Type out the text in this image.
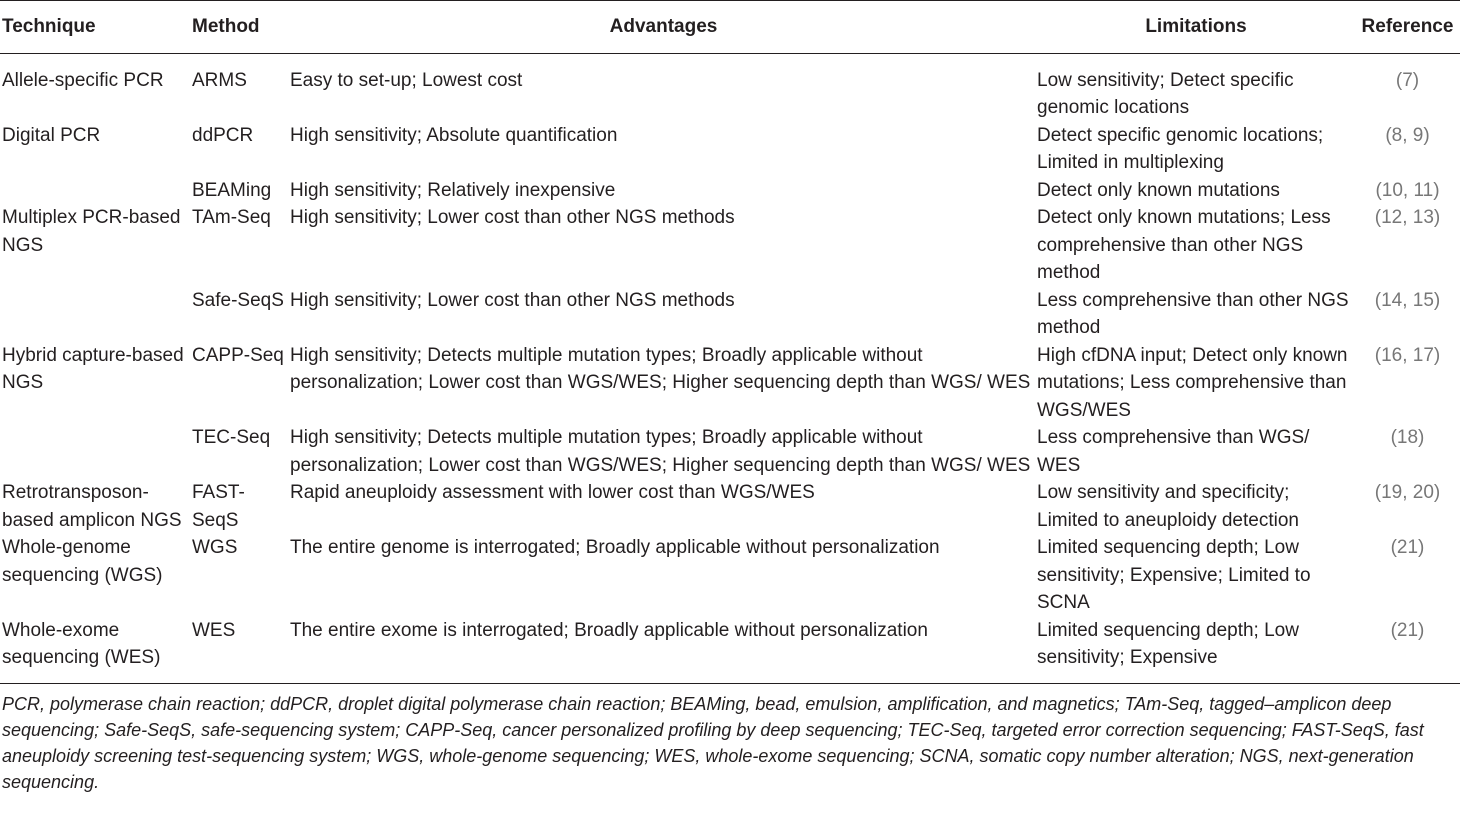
Technique	Method	Advantages	Limitations	Reference
Allele-specific PCR	ARMS	Easy to set-up; Lowest cost	Low sensitivity; Detect specific genomic locations	(7)
Digital PCR	ddPCR	High sensitivity; Absolute quantification	Detect specific genomic locations; Limited in multiplexing	(8, 9)
	BEAMing	High sensitivity; Relatively inexpensive	Detect only known mutations	(10, 11)
Multiplex PCR-based NGS	TAm-Seq	High sensitivity; Lower cost than other NGS methods	Detect only known mutations; Less comprehensive than other NGS method	(12, 13)
	Safe-SeqS	High sensitivity; Lower cost than other NGS methods	Less comprehensive than other NGS method	(14, 15)
Hybrid capture-based NGS	CAPP-Seq	High sensitivity; Detects multiple mutation types; Broadly applicable without personalization; Lower cost than WGS/WES; Higher sequencing depth than WGS/ WES	High cfDNA input; Detect only known mutations; Less comprehensive than WGS/WES	(16, 17)
	TEC-Seq	High sensitivity; Detects multiple mutation types; Broadly applicable without personalization; Lower cost than WGS/WES; Higher sequencing depth than WGS/ WES	Less comprehensive than WGS/ WES	(18)
Retrotransposon-based amplicon NGS	FAST-SeqS	Rapid aneuploidy assessment with lower cost than WGS/WES	Low sensitivity and specificity; Limited to aneuploidy detection	(19, 20)
Whole-genome sequencing (WGS)	WGS	The entire genome is interrogated; Broadly applicable without personalization	Limited sequencing depth; Low sensitivity; Expensive; Limited to SCNA	(21)
Whole-exome sequencing (WES)	WES	The entire exome is interrogated; Broadly applicable without personalization	Limited sequencing depth; Low sensitivity; Expensive	(21)
PCR, polymerase chain reaction; ddPCR, droplet digital polymerase chain reaction; BEAMing, bead, emulsion, amplification, and magnetics; TAm-Seq, tagged–amplicon deep sequencing; Safe-SeqS, safe-sequencing system; CAPP-Seq, cancer personalized profiling by deep sequencing; TEC-Seq, targeted error correction sequencing; FAST-SeqS, fast aneuploidy screening test-sequencing system; WGS, whole-genome sequencing; WES, whole-exome sequencing; SCNA, somatic copy number alteration; NGS, next-generation sequencing.
